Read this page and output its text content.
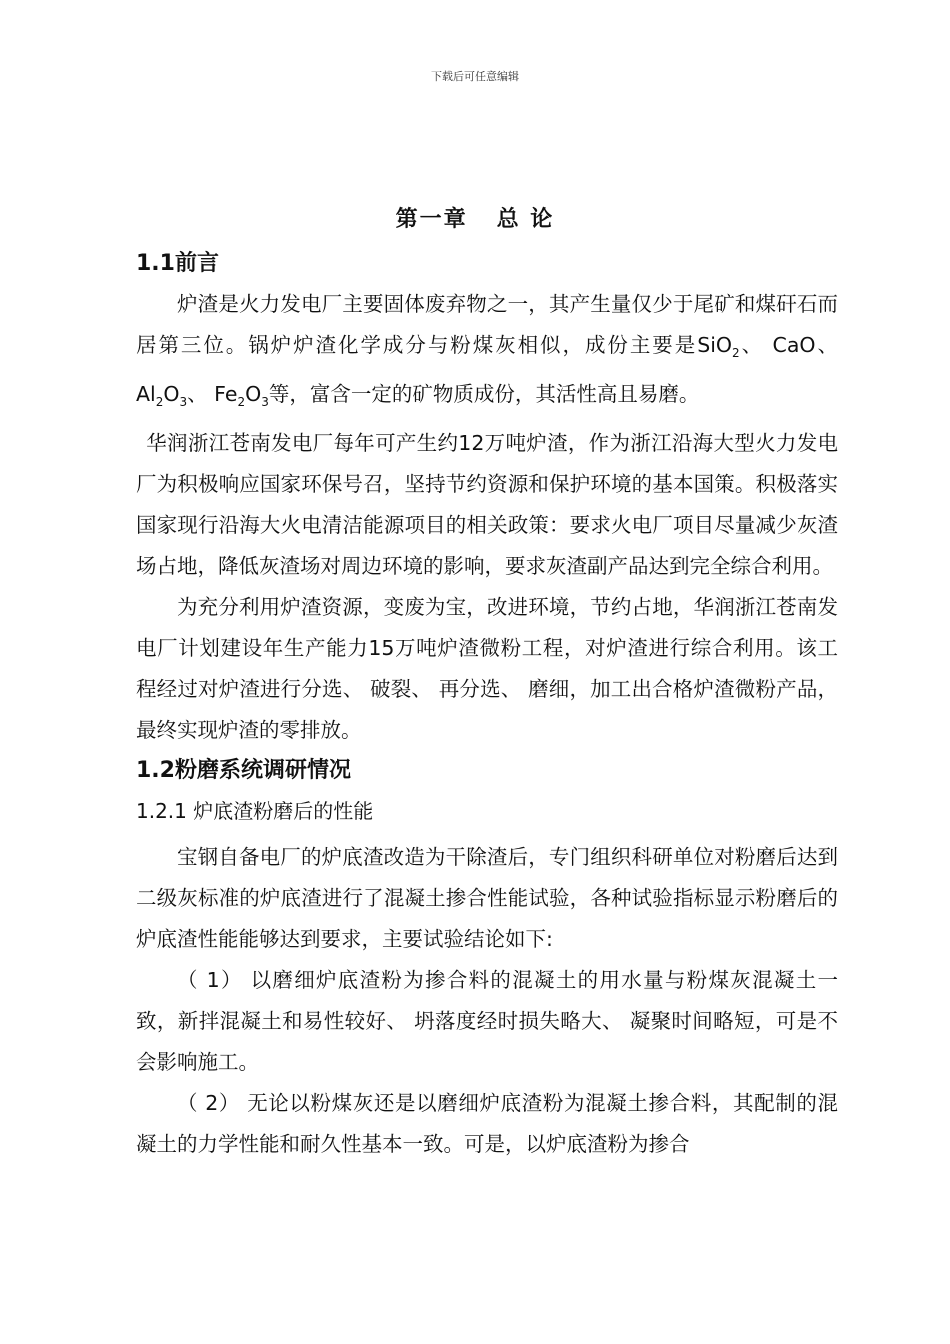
下载后可任意编辑
第一章   总 论
1.1前言

炉渣是火力发电厂主要固体废弃物之一，其产生量仅少于尾矿和煤矸石而居第三位。锅炉炉渣化学成分与粉煤灰相似，成份主要是SiO$_2$、 CaO、 $Al_2O_3$、 $Fe_2O_3$等，富含一定的矿物质成份，其活性高且易磨。

华润浙江苍南发电厂每年可产生约12万吨炉渣，作为浙江沿海大型火力发电厂为积极响应国家环保号召，坚持节约资源和保护环境的基本国策。积极落实国家现行沿海大火电清洁能源项目的相关政策：要求火电厂项目尽量减少灰渣场占地，降低灰渣场对周边环境的影响，要求灰渣副产品达到完全综合利用。

为充分利用炉渣资源，变废为宝，改进环境，节约占地，华润浙江苍南发电厂计划建设年生产能力15万吨炉渣微粉工程，对炉渣进行综合利用。该工程经过对炉渣进行分选、 破裂、 再分选、 磨细，加工出合格炉渣微粉产品，最终实现炉渣的零排放。

1.2粉磨系统调研情况
1.2.1 炉底渣粉磨后的性能

宝钢自备电厂的炉底渣改造为干除渣后，专门组织科研单位对粉磨后达到二级灰标准的炉底渣进行了混凝土掺合性能试验，各种试验指标显示粉磨后的炉底渣性能能够达到要求，主要试验结论如下:

（ 1） 以磨细炉底渣粉为掺合料的混凝土的用水量与粉煤灰混凝土一致，新拌混凝土和易性较好、 坍落度经时损失略大、 凝聚时间略短，可是不会影响施工。

（ 2） 无论以粉煤灰还是以磨细炉底渣粉为混凝土掺合料，其配制的混凝土的力学性能和耐久性基本一致。可是，以炉底渣粉为掺合
